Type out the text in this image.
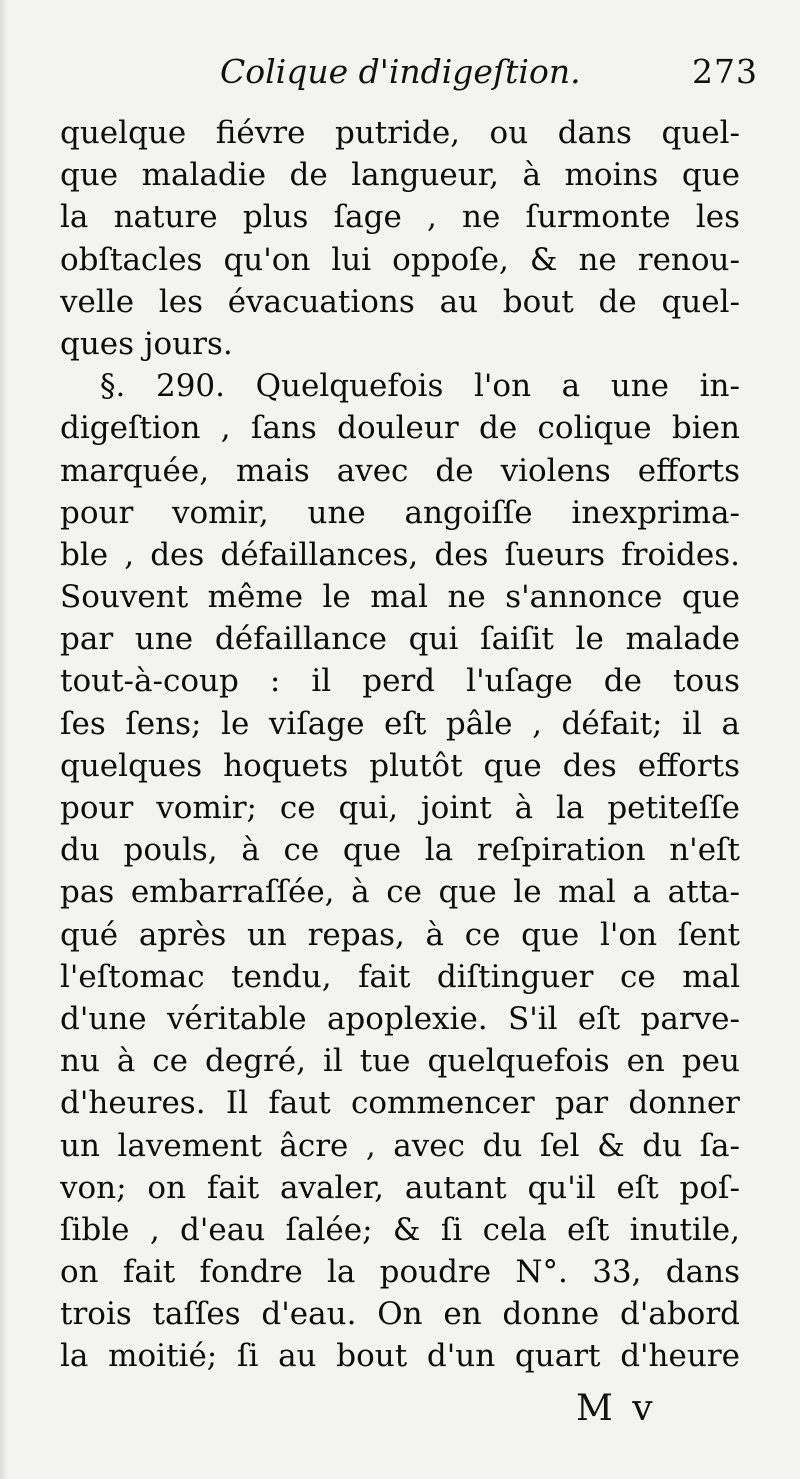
Colique d'indigeſtion.	273
quelque fiévre putride, ou dans quel-
que maladie de langueur, à moins que
la nature plus ſage , ne ſurmonte les
obſtacles qu'on lui oppoſe, & ne renou-
velle les évacuations au bout de quel-
ques jours.
§. 290. Quelquefois l'on a une in-
digeſtion , ſans douleur de colique bien
marquée, mais avec de violens efforts
pour vomir, une angoiſſe inexprima-
ble , des défaillances, des ſueurs froides.
Souvent même le mal ne s'annonce que
par une défaillance qui ſaiſit le malade
tout-à-coup : il perd l'uſage de tous
ſes ſens; le viſage eſt pâle , défait; il a
quelques hoquets plutôt que des efforts
pour vomir; ce qui, joint à la petiteſſe
du pouls, à ce que la reſpiration n'eſt
pas embarraſſée, à ce que le mal a atta-
qué après un repas, à ce que l'on ſent
l'eſtomac tendu, fait diſtinguer ce mal
d'une véritable apoplexie. S'il eſt parve-
nu à ce degré, il tue quelquefois en peu
d'heures. Il faut commencer par donner
un lavement âcre , avec du ſel & du ſa-
von; on fait avaler, autant qu'il eſt poſ-
ſible , d'eau ſalée; & ſi cela eſt inutile,
on fait fondre la poudre N°. 33, dans
trois taſſes d'eau. On en donne d'abord
la moitié; ſi au bout d'un quart d'heure
M v
